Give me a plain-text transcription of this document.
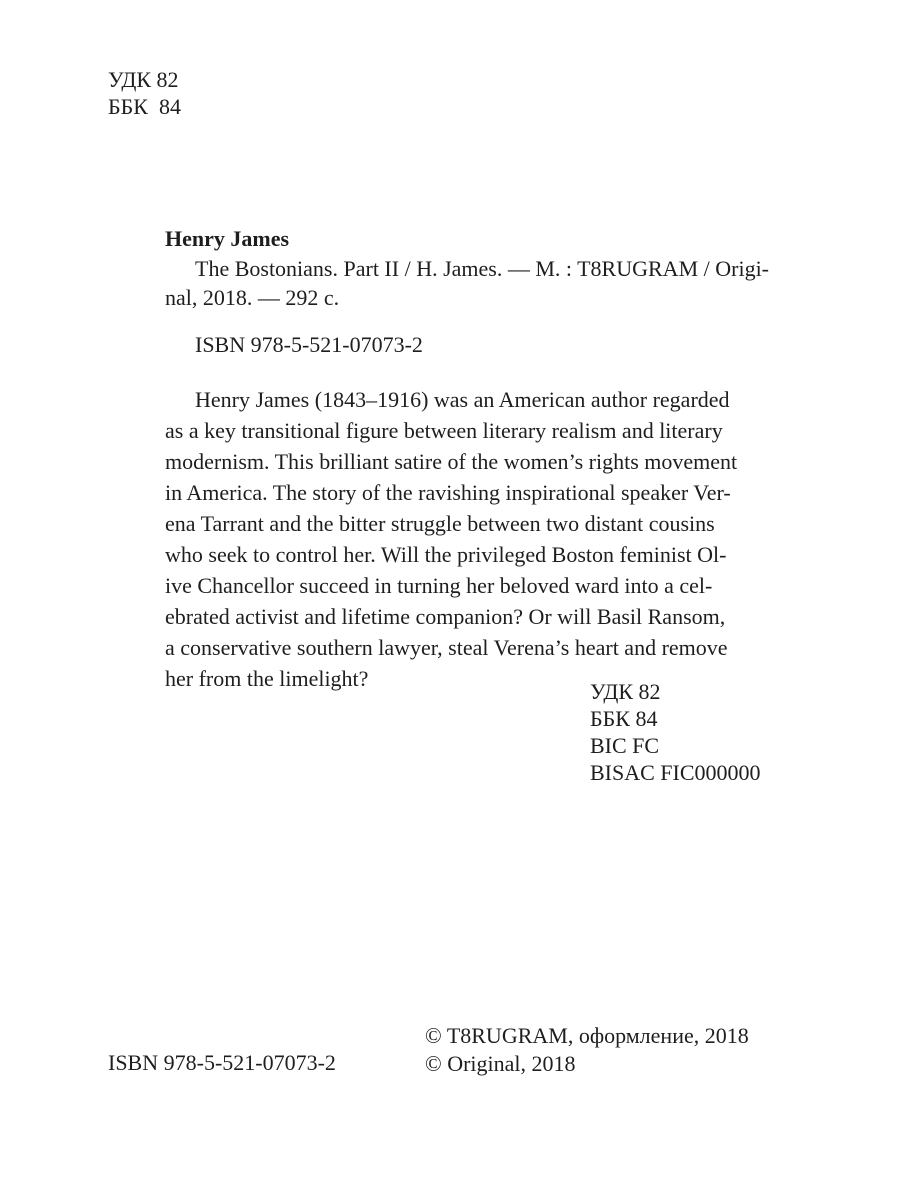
УДК 82
ББК  84
Henry James
The Bostonians. Part II / H. James. — M. : T8RUGRAM / Origi-
nal, 2018. — 292 c.
ISBN 978-5-521-07073-2
Henry James (1843–1916) was an American author regarded
as a key transitional figure between literary realism and literary
modernism. This brilliant satire of the women’s rights movement
in America. The story of the ravishing inspirational speaker Ver-
ena Tarrant and the bitter struggle between two distant cousins
who seek to control her. Will the privileged Boston feminist Ol-
ive Chancellor succeed in turning her beloved ward into a cel-
ebrated activist and lifetime companion? Or will Basil Ransom,
a conservative southern lawyer, steal Verena’s heart and remove
her from the limelight?
УДК 82
ББК 84
BIC FC
BISAC FIC000000
ISBN 978-5-521-07073-2
© T8RUGRAM, оформление, 2018
© Original, 2018
